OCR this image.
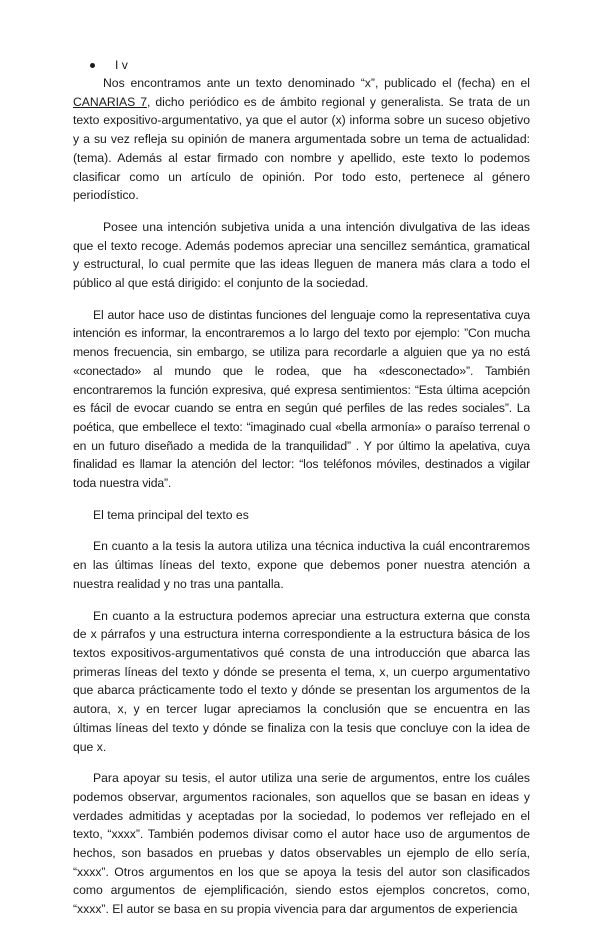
I v

Nos encontramos ante un texto denominado “x”, publicado el (fecha) en el CANARIAS 7, dicho periódico es de ámbito regional y generalista. Se trata de un texto expositivo-argumentativo, ya que el autor (x) informa sobre un suceso objetivo y a su vez refleja su opinión de manera argumentada sobre un tema de actualidad: (tema). Además al estar firmado con nombre y apellido, este texto lo podemos clasificar como un artículo de opinión. Por todo esto, pertenece al género periodístico.

Posee una intención subjetiva unida a una intención divulgativa de las ideas que el texto recoge. Además podemos apreciar una sencillez semántica, gramatical y estructural, lo cual permite que las ideas lleguen de manera más clara a todo el público al que está dirigido: el conjunto de la sociedad.

El autor hace uso de distintas funciones del lenguaje como la representativa cuya intención es informar, la encontraremos a lo largo del texto por ejemplo: ”Con mucha menos frecuencia, sin embargo, se utiliza para recordarle a alguien que ya no está «conectado» al mundo que le rodea, que ha «desconectado»”. También encontraremos la función expresiva, qué expresa sentimientos: “Esta última acepción es fácil de evocar cuando se entra en según qué perfiles de las redes sociales”. La poética, que embellece el texto: “imaginado cual «bella armonía» o paraíso terrenal o en un futuro diseñado a medida de la tranquilidad” . Y por último la apelativa, cuya finalidad es llamar la atención del lector: “los teléfonos móviles, destinados a vigilar toda nuestra vida”.

El tema principal del texto es

En cuanto a la tesis la autora utiliza una técnica inductiva la cuál encontraremos en las últimas líneas del texto, expone que debemos poner nuestra atención a nuestra realidad y no tras una pantalla.

En cuanto a la estructura podemos apreciar una estructura externa que consta de x párrafos y una estructura interna correspondiente a la estructura básica de los textos expositivos-argumentativos qué consta de una introducción que abarca las primeras líneas del texto y dónde se presenta el tema, x, un cuerpo argumentativo que abarca prácticamente todo el texto y dónde se presentan los argumentos de la autora, x, y en tercer lugar apreciamos la conclusión que se encuentra en las últimas líneas del texto y dónde se finaliza con la tesis que concluye con la idea de que x.

Para apoyar su tesis, el autor utiliza una serie de argumentos, entre los cuáles podemos observar, argumentos racionales, son aquellos que se basan en ideas y verdades admitidas y aceptadas por la sociedad, lo podemos ver reflejado en el texto, “xxxx”. También podemos divisar como el autor hace uso de argumentos de hechos, son basados en pruebas y datos observables un ejemplo de ello sería, “xxxx”. Otros argumentos en los que se apoya la tesis del autor son clasificados como argumentos de ejemplificación, siendo estos ejemplos concretos, como, “xxxx”. El autor se basa en su propia vivencia para dar argumentos de experiencia
